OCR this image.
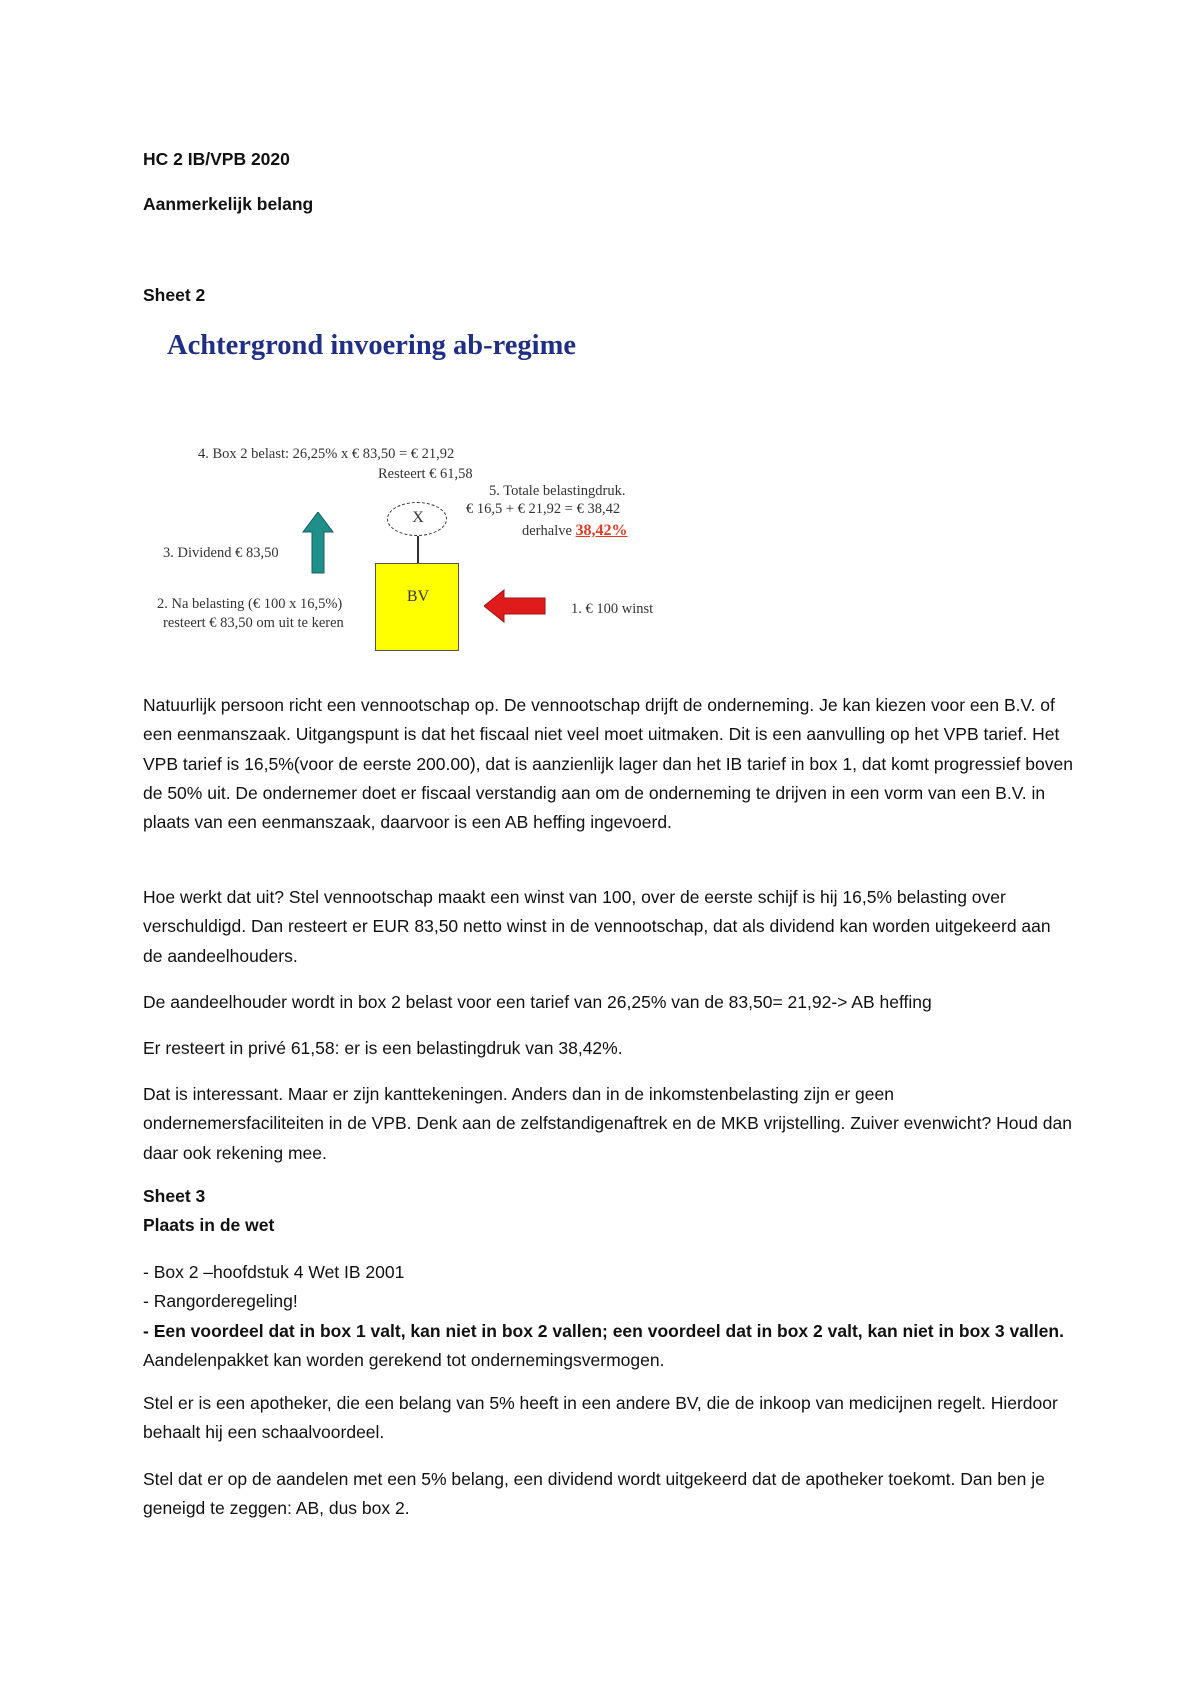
HC 2 IB/VPB 2020

Aanmerkelijk belang

Sheet 2

Achtergrond invoering ab-regime

4. Box 2 belast: 26,25% x € 83,50 = € 21,92
Resteert € 61,58
5. Totale belastingdruk.
€ 16,5 + € 21,92 = € 38,42
derhalve 38,42%
X
3. Dividend € 83,50
BV
2. Na belasting (€ 100 x 16,5%)
resteert € 83,50 om uit te keren
1. € 100 winst

Natuurlijk persoon richt een vennootschap op. De vennootschap drijft de onderneming. Je kan kiezen voor een B.V. of een eenmanszaak. Uitgangspunt is dat het fiscaal niet veel moet uitmaken. Dit is een aanvulling op het VPB tarief. Het VPB tarief is 16,5%(voor de eerste 200.00), dat is aanzienlijk lager dan het IB tarief in box 1, dat komt progressief boven de 50% uit. De ondernemer doet er fiscaal verstandig aan om de onderneming te drijven in een vorm van een B.V. in plaats van een eenmanszaak, daarvoor is een AB heffing ingevoerd.

Hoe werkt dat uit? Stel vennootschap maakt een winst van 100, over de eerste schijf is hij 16,5% belasting over verschuldigd. Dan resteert er EUR 83,50 netto winst in de vennootschap, dat als dividend kan worden uitgekeerd aan de aandeelhouders.

De aandeelhouder wordt in box 2 belast voor een tarief van 26,25% van de 83,50= 21,92-> AB heffing

Er resteert in privé 61,58: er is een belastingdruk van 38,42%.

Dat is interessant. Maar er zijn kanttekeningen. Anders dan in de inkomstenbelasting zijn er geen ondernemersfaciliteiten in de VPB. Denk aan de zelfstandigenaftrek en de MKB vrijstelling. Zuiver evenwicht? Houd dan daar ook rekening mee.

Sheet 3

Plaats in de wet

- Box 2 –hoofdstuk 4 Wet IB 2001
- Rangorderegeling!
- Een voordeel dat in box 1 valt, kan niet in box 2 vallen; een voordeel dat in box 2 valt, kan niet in box 3 vallen. Aandelenpakket kan worden gerekend tot ondernemingsvermogen.

Stel er is een apotheker, die een belang van 5% heeft in een andere BV, die de inkoop van medicijnen regelt. Hierdoor behaalt hij een schaalvoordeel.

Stel dat er op de aandelen met een 5% belang, een dividend wordt uitgekeerd dat de apotheker toekomt. Dan ben je geneigd te zeggen: AB, dus box 2.
